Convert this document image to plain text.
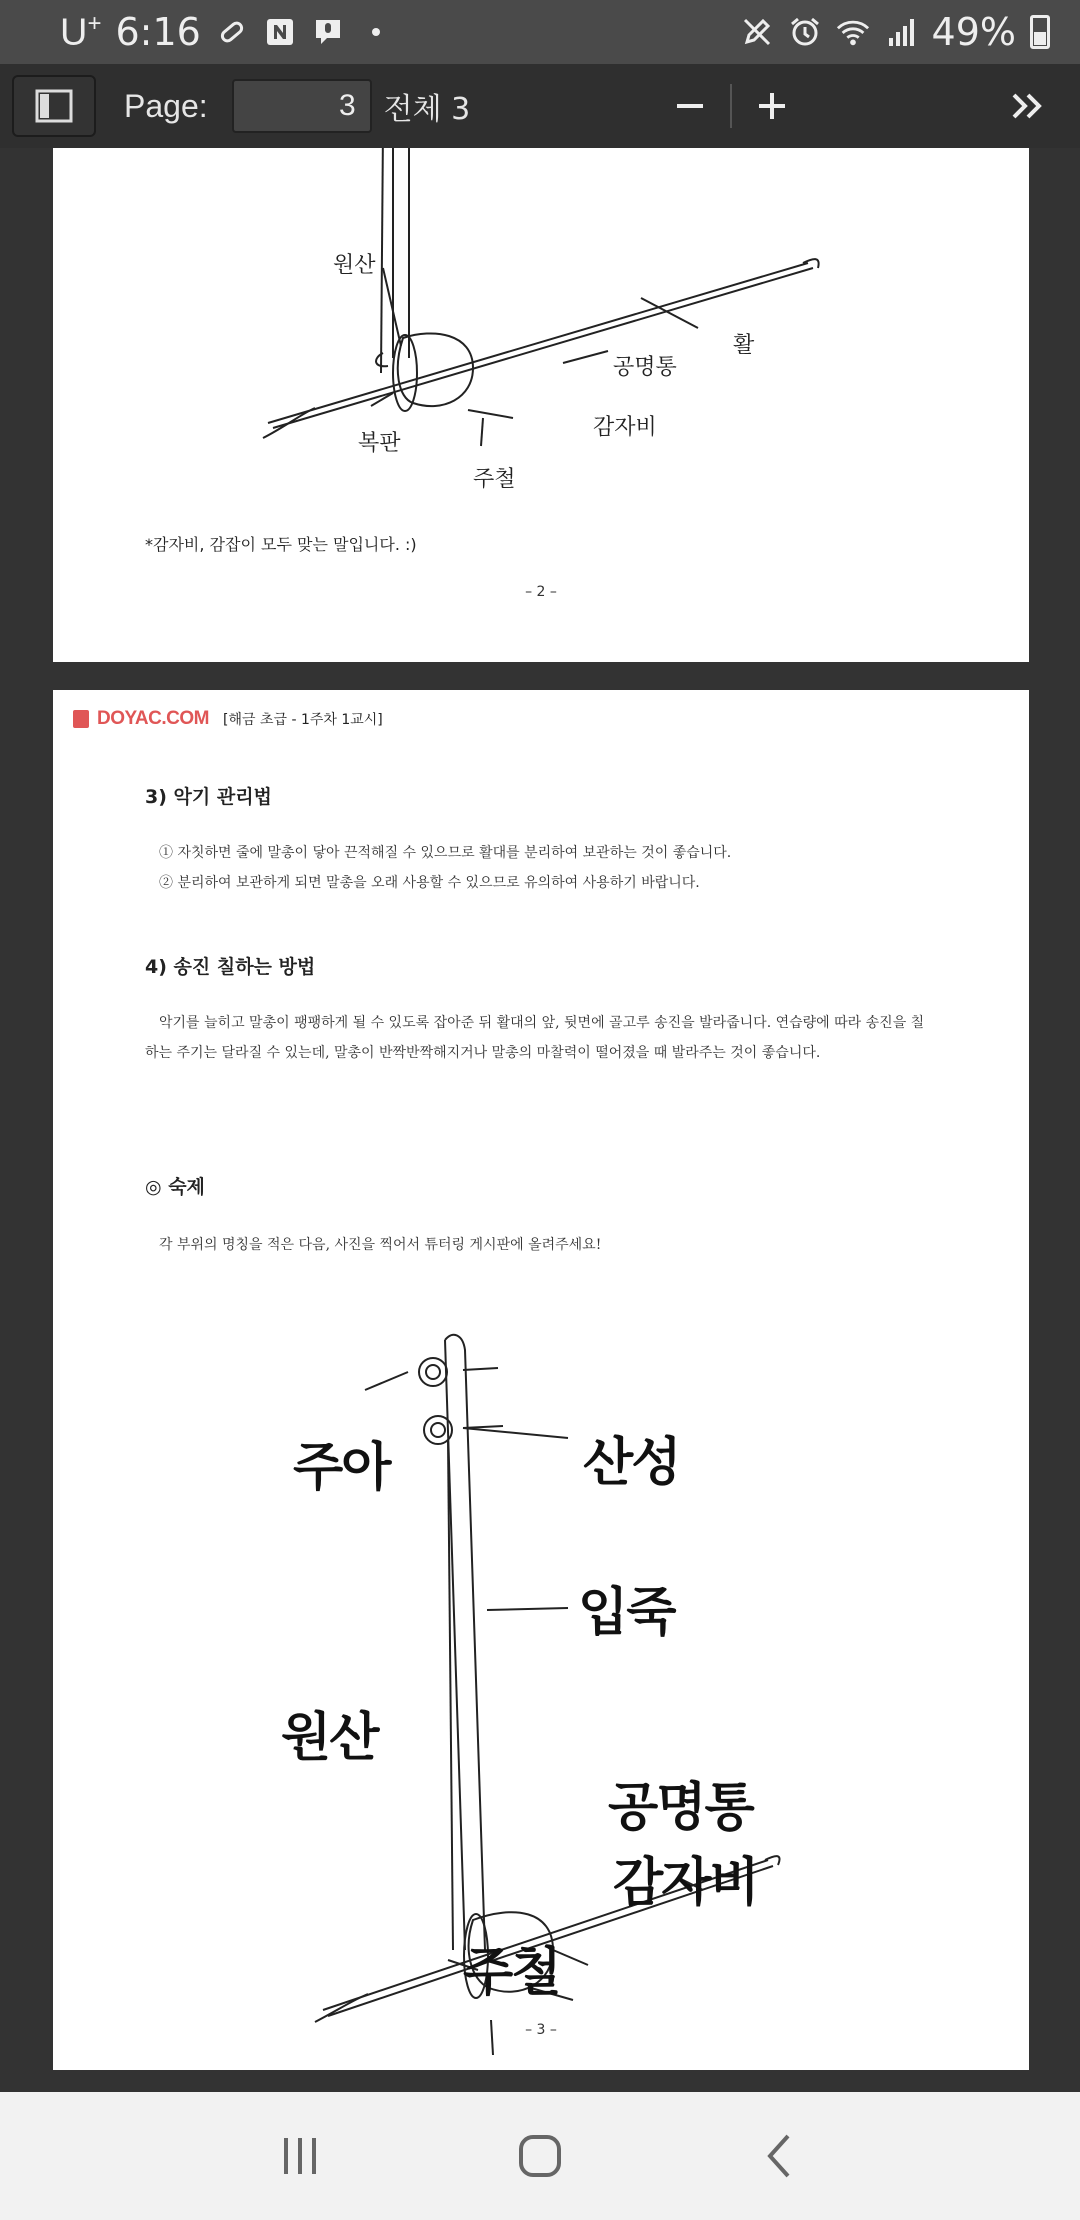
U+ 6:16	49%
Page:	3 전체 3
원산
활
공명통
복판
감자비
주철
*감자비, 감잡이 모두 맞는 말입니다. :)
– 2 –
DOYAC.COM [해금 초급 - 1주차 1교시]
3) 악기 관리법
① 자칫하면 줄에 말총이 닿아 끈적해질 수 있으므로 활대를 분리하여 보관하는 것이 좋습니다.
② 분리하여 보관하게 되면 말총을 오래 사용할 수 있으므로 유의하여 사용하기 바랍니다.
4) 송진 칠하는 방법
악기를 늘히고 말총이 팽팽하게 될 수 있도록 잡아준 뒤 활대의 앞, 뒷면에 골고루 송진을 발라줍니다. 연습량에 따라 송진을 칠하는 주기는 달라질 수 있는데, 말총이 반짝반짝해지거나 말총의 마찰력이 떨어졌을 때 발라주는 것이 좋습니다.
◎ 숙제
각 부위의 명칭을 적은 다음, 사진을 찍어서 튜터링 게시판에 올려주세요!
주아	산성
입죽
원산
공명통
감자비
주철
– 3 –
